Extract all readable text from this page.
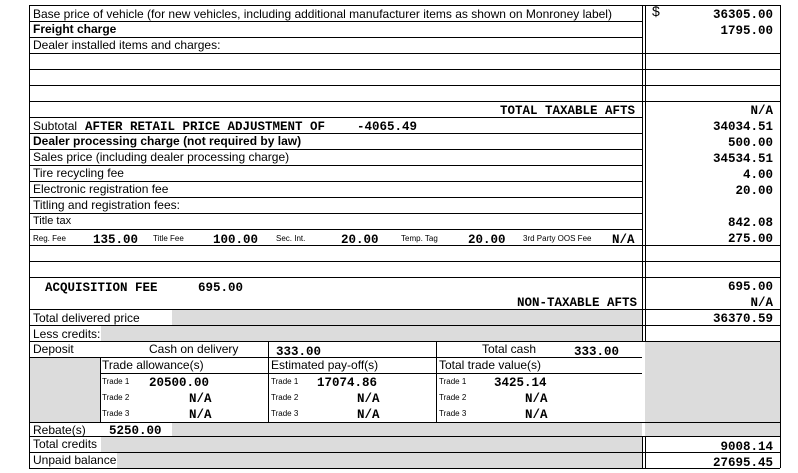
Base price of vehicle (for new vehicles, including additional manufacturer items as shown on Monroney label)	$	36305.00
Freight charge	1795.00
Dealer installed items and charges:
TOTAL TAXABLE AFTS	N/A
Subtotal AFTER RETAIL PRICE ADJUSTMENT OF	-4065.49	34034.51
Dealer processing charge (not required by law)	500.00
Sales price (including dealer processing charge)	34534.51
Tire recycling fee	4.00
Electronic registration fee	20.00
Titling and registration fees:
Title tax	842.08
Reg. Fee 135.00 Title Fee 100.00 Sec. Int.	20.00	Temp. Tag 20.00 3rd Party OOS Fee N/A	275.00
ACQUISITION FEE	695.00	695.00
NON-TAXABLE AFTS	N/A
Total delivered price	36370.59
Less credits:
Deposit	Cash on delivery	333.00	Total cash	333.00
Trade allowance(s)	Estimated pay-off(s)	Total trade value(s)
Trade 1 20500.00	Trade 1 17074.86	Trade 1 3425.14
Trade 2	N/A	Trade 2	N/A	Trade 2	N/A
Trade 3	N/A	Trade 3	N/A	Trade 3	N/A
Rebate(s) 5250.00
Total credits	9008.14
Unpaid balance	27695.45
